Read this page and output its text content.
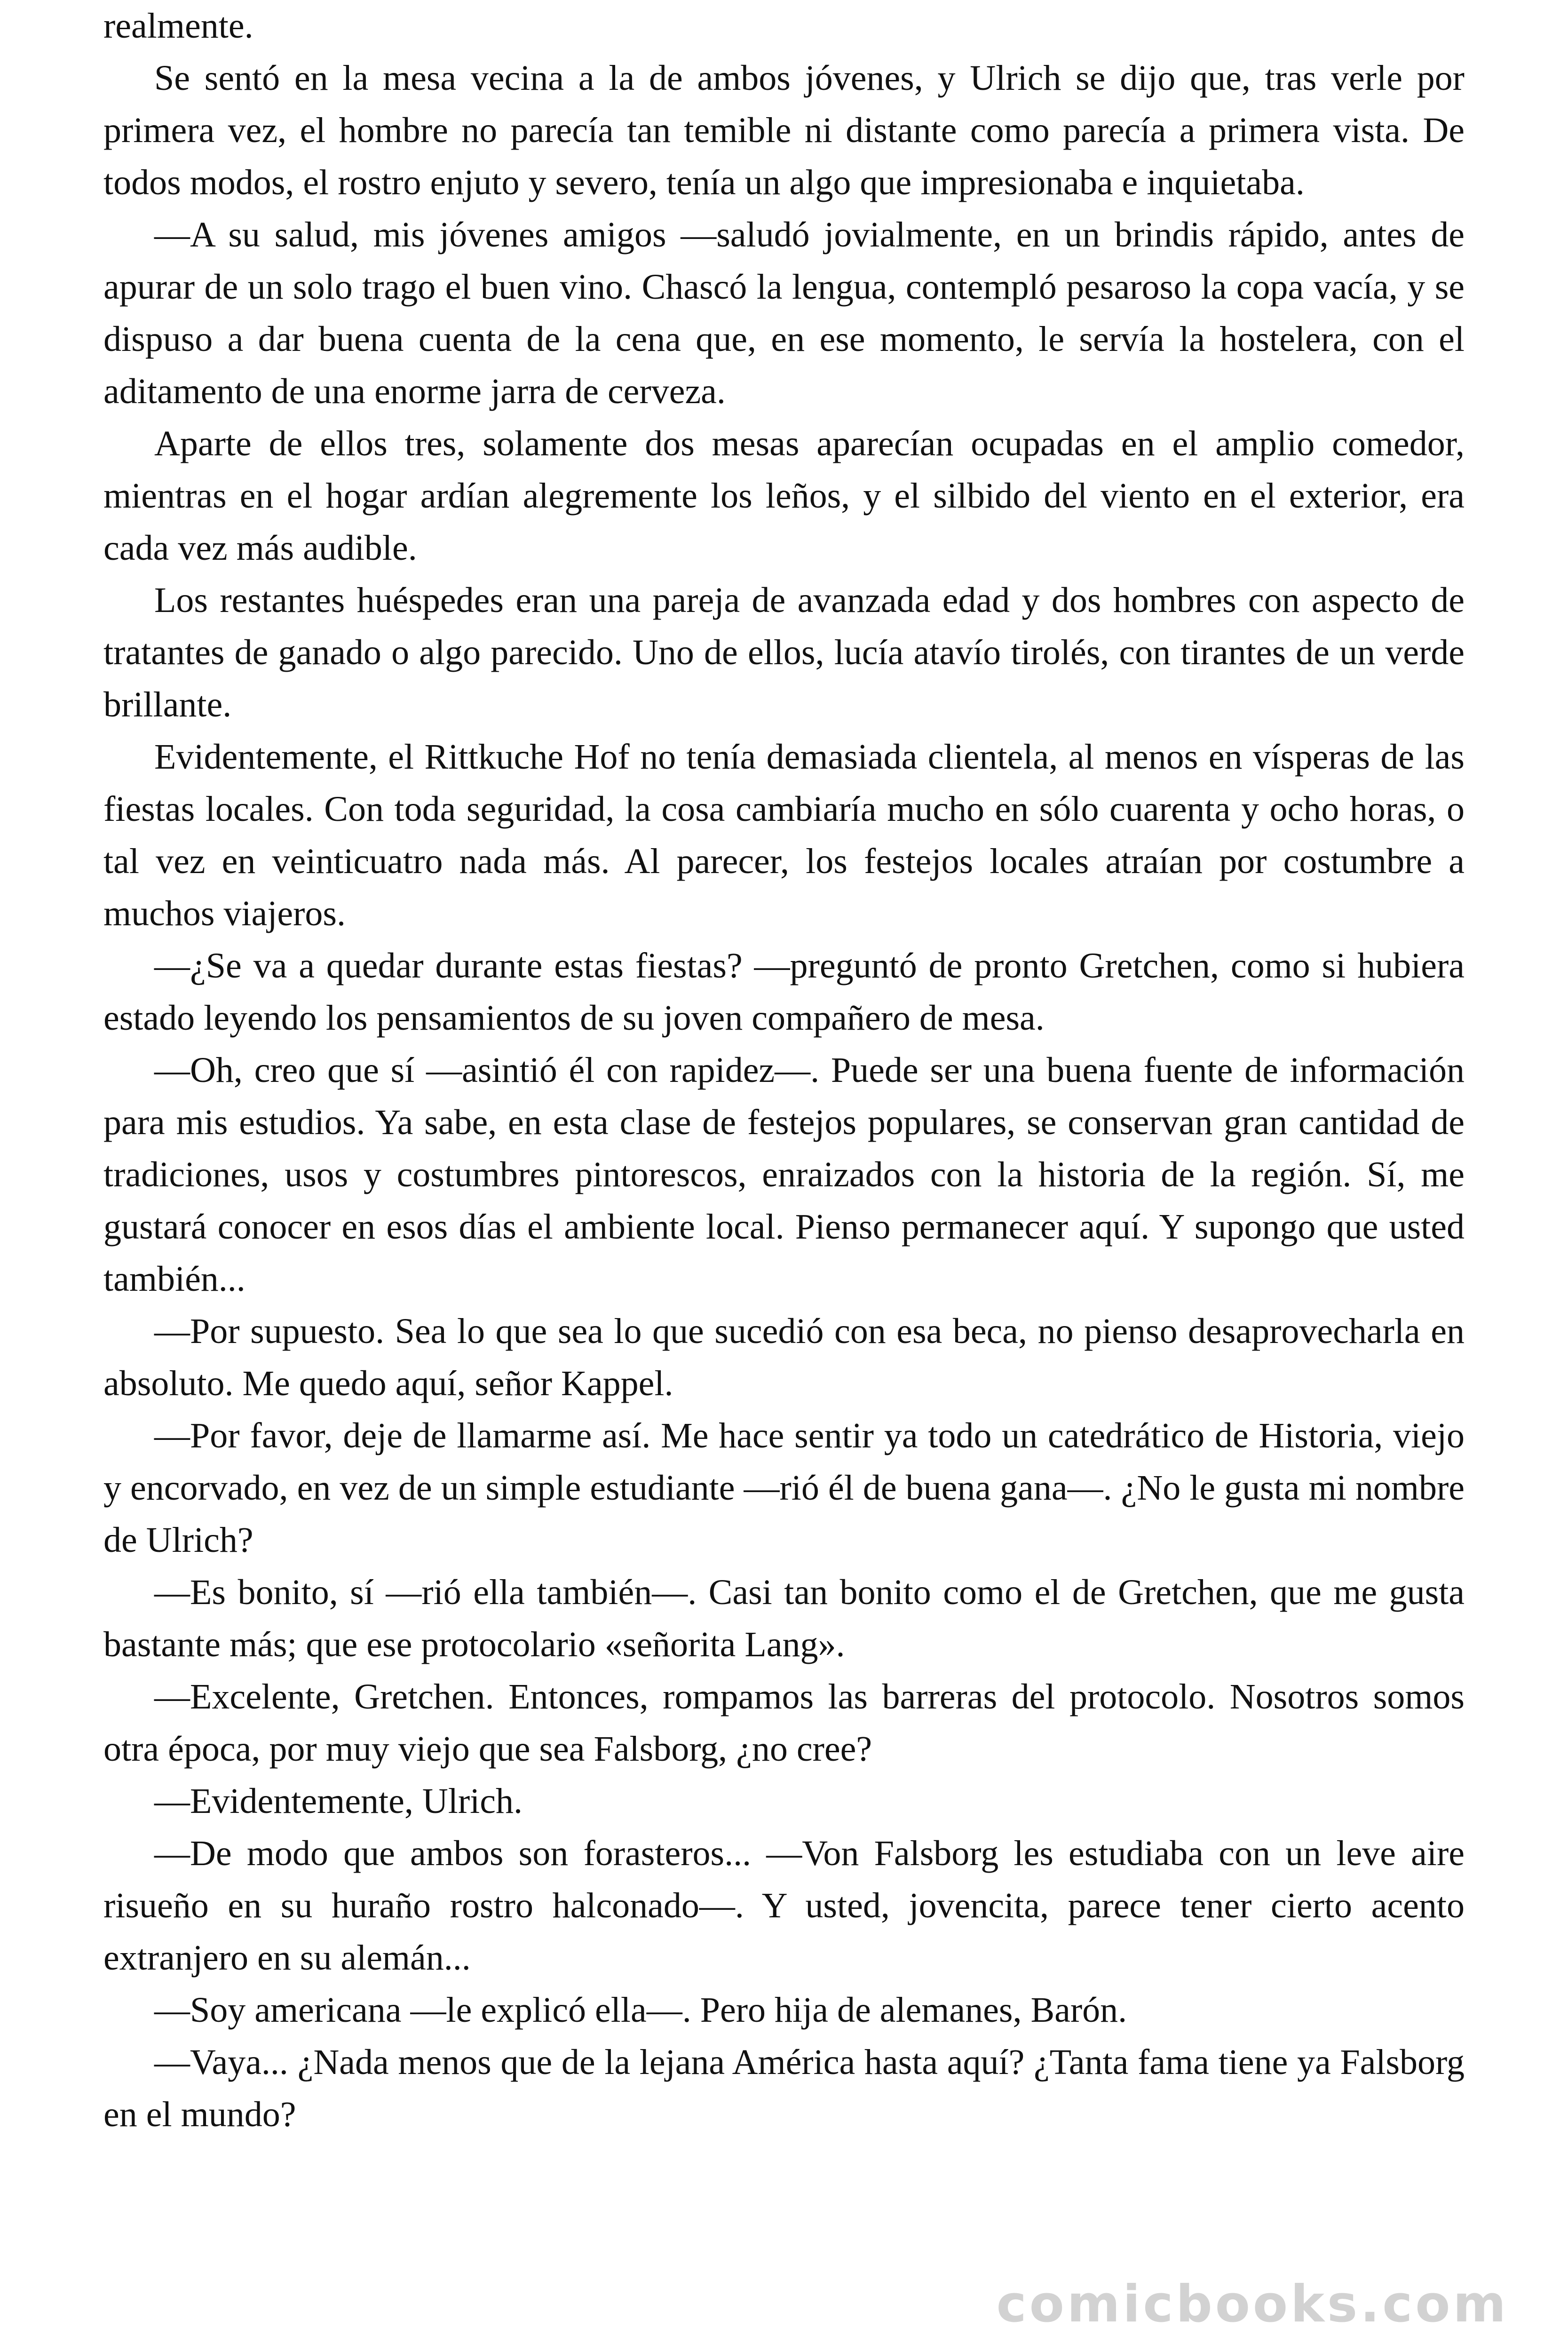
realmente.

Se sentó en la mesa vecina a la de ambos jóvenes, y Ulrich se dijo que, tras verle por primera vez, el hombre no parecía tan temible ni distante como parecía a primera vista. De todos modos, el rostro enjuto y severo, tenía un algo que impresionaba e inquietaba.

—A su salud, mis jóvenes amigos —saludó jovialmente, en un brindis rápido, antes de apurar de un solo trago el buen vino. Chascó la lengua, contempló pesaroso la copa vacía, y se dispuso a dar buena cuenta de la cena que, en ese momento, le servía la hostelera, con el aditamento de una enorme jarra de cerveza.

Aparte de ellos tres, solamente dos mesas aparecían ocupadas en el amplio comedor, mientras en el hogar ardían alegremente los leños, y el silbido del viento en el exterior, era cada vez más audible.

Los restantes huéspedes eran una pareja de avanzada edad y dos hombres con aspecto de tratantes de ganado o algo parecido. Uno de ellos, lucía atavío tirolés, con tirantes de un verde brillante.

Evidentemente, el Rittkuche Hof no tenía demasiada clientela, al menos en vísperas de las fiestas locales. Con toda seguridad, la cosa cambiaría mucho en sólo cuarenta y ocho horas, o tal vez en veinticuatro nada más. Al parecer, los festejos locales atraían por costumbre a muchos viajeros.

—¿Se va a quedar durante estas fiestas? —preguntó de pronto Gretchen, como si hubiera estado leyendo los pensamientos de su joven compañero de mesa.

—Oh, creo que sí —asintió él con rapidez—. Puede ser una buena fuente de información para mis estudios. Ya sabe, en esta clase de festejos populares, se conservan gran cantidad de tradiciones, usos y costumbres pintorescos, enraizados con la historia de la región. Sí, me gustará conocer en esos días el ambiente local. Pienso permanecer aquí. Y supongo que usted también...

—Por supuesto. Sea lo que sea lo que sucedió con esa beca, no pienso desaprovecharla en absoluto. Me quedo aquí, señor Kappel.

—Por favor, deje de llamarme así. Me hace sentir ya todo un catedrático de Historia, viejo y encorvado, en vez de un simple estudiante —rió él de buena gana—. ¿No le gusta mi nombre de Ulrich?

—Es bonito, sí —rió ella también—. Casi tan bonito como el de Gretchen, que me gusta bastante más; que ese protocolario «señorita Lang».

—Excelente, Gretchen. Entonces, rompamos las barreras del protocolo. Nosotros somos otra época, por muy viejo que sea Falsborg, ¿no cree?

—Evidentemente, Ulrich.

—De modo que ambos son forasteros... —Von Falsborg les estudiaba con un leve aire risueño en su huraño rostro halconado—. Y usted, jovencita, parece tener cierto acento extranjero en su alemán...

—Soy americana —le explicó ella—. Pero hija de alemanes, Barón.

—Vaya... ¿Nada menos que de la lejana América hasta aquí? ¿Tanta fama tiene ya Falsborg en el mundo?

comicbooks.com
